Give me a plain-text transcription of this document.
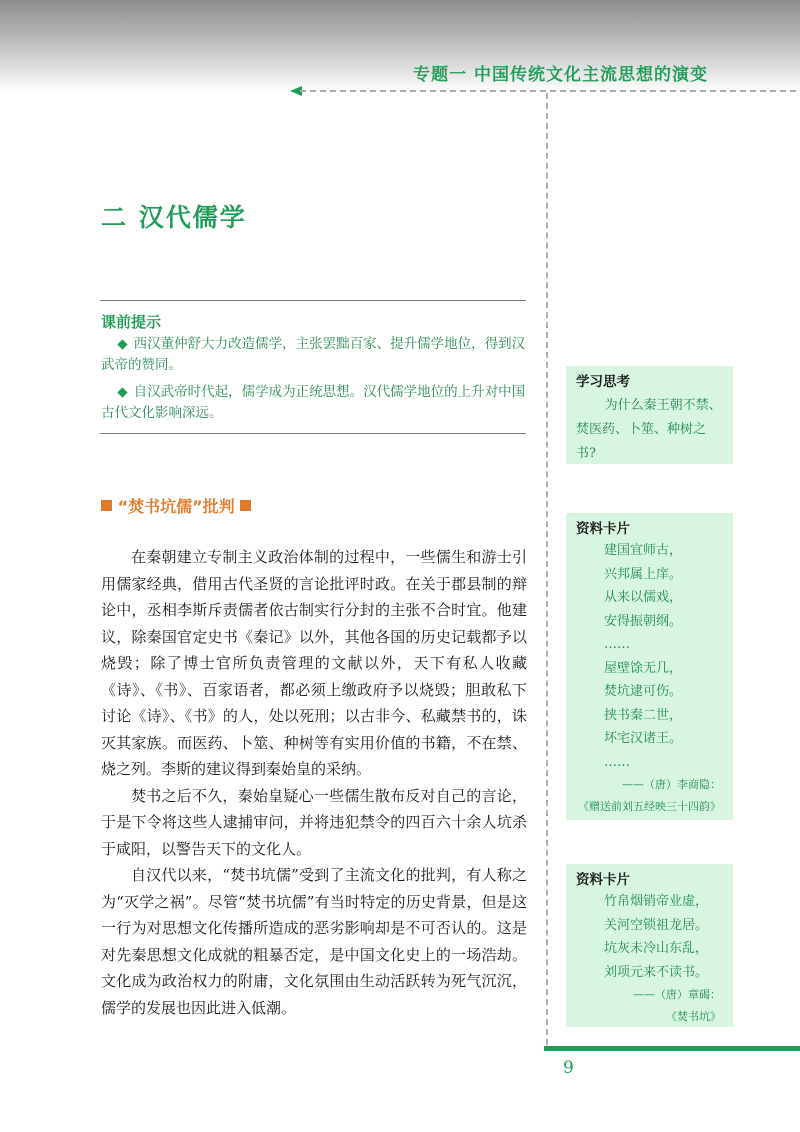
专题一 中国传统文化主流思想的演变
二 汉代儒学
课前提示
◆ 西汉董仲舒大力改造儒学，主张罢黜百家、提升儒学地位，得到汉武帝的赞同。
◆ 自汉武帝时代起，儒学成为正统思想。汉代儒学地位的上升对中国古代文化影响深远。
“焚书坑儒”批判

在秦朝建立专制主义政治体制的过程中，一些儒生和游士引用儒家经典，借用古代圣贤的言论批评时政。在关于郡县制的辩论中，丞相李斯斥责儒者依古制实行分封的主张不合时宜。他建议，除秦国官定史书《秦记》以外，其他各国的历史记载都予以烧毁；除了博士官所负责管理的文献以外，天下有私人收藏《诗》、《书》、百家语者，都必须上缴政府予以烧毁；胆敢私下讨论《诗》、《书》的人，处以死刑；以古非今、私藏禁书的，诛灭其家族。而医药、卜筮、种树等有实用价值的书籍，不在禁、烧之列。李斯的建议得到秦始皇的采纳。

焚书之后不久，秦始皇疑心一些儒生散布反对自己的言论，于是下令将这些人逮捕审问，并将违犯禁令的四百六十余人坑杀于咸阳，以警告天下的文化人。

自汉代以来，“焚书坑儒”受到了主流文化的批判，有人称之为“灭学之祸”。尽管“焚书坑儒”有当时特定的历史背景，但是这一行为对思想文化传播所造成的恶劣影响却是不可否认的。这是对先秦思想文化成就的粗暴否定，是中国文化史上的一场浩劫。文化成为政治权力的附庸，文化氛围由生动活跃转为死气沉沉，儒学的发展也因此进入低潮。

学习思考
为什么秦王朝不禁、焚医药、卜筮、种树之书?
资料卡片
建国宜师古，
兴邦属上庠。
从来以儒戏，
安得振朝纲。
……
屋壁馀无几，
焚坑逮可伤。
挟书秦二世，
坏宅汉诸王。
……
——（唐）李商隐：
《赠送前刘五经映三十四韵》
资料卡片
竹帛烟销帝业虚，
关河空锁祖龙居。
坑灰未冷山东乱，
刘项元来不读书。
——（唐）章碣：
《焚书坑》
9
